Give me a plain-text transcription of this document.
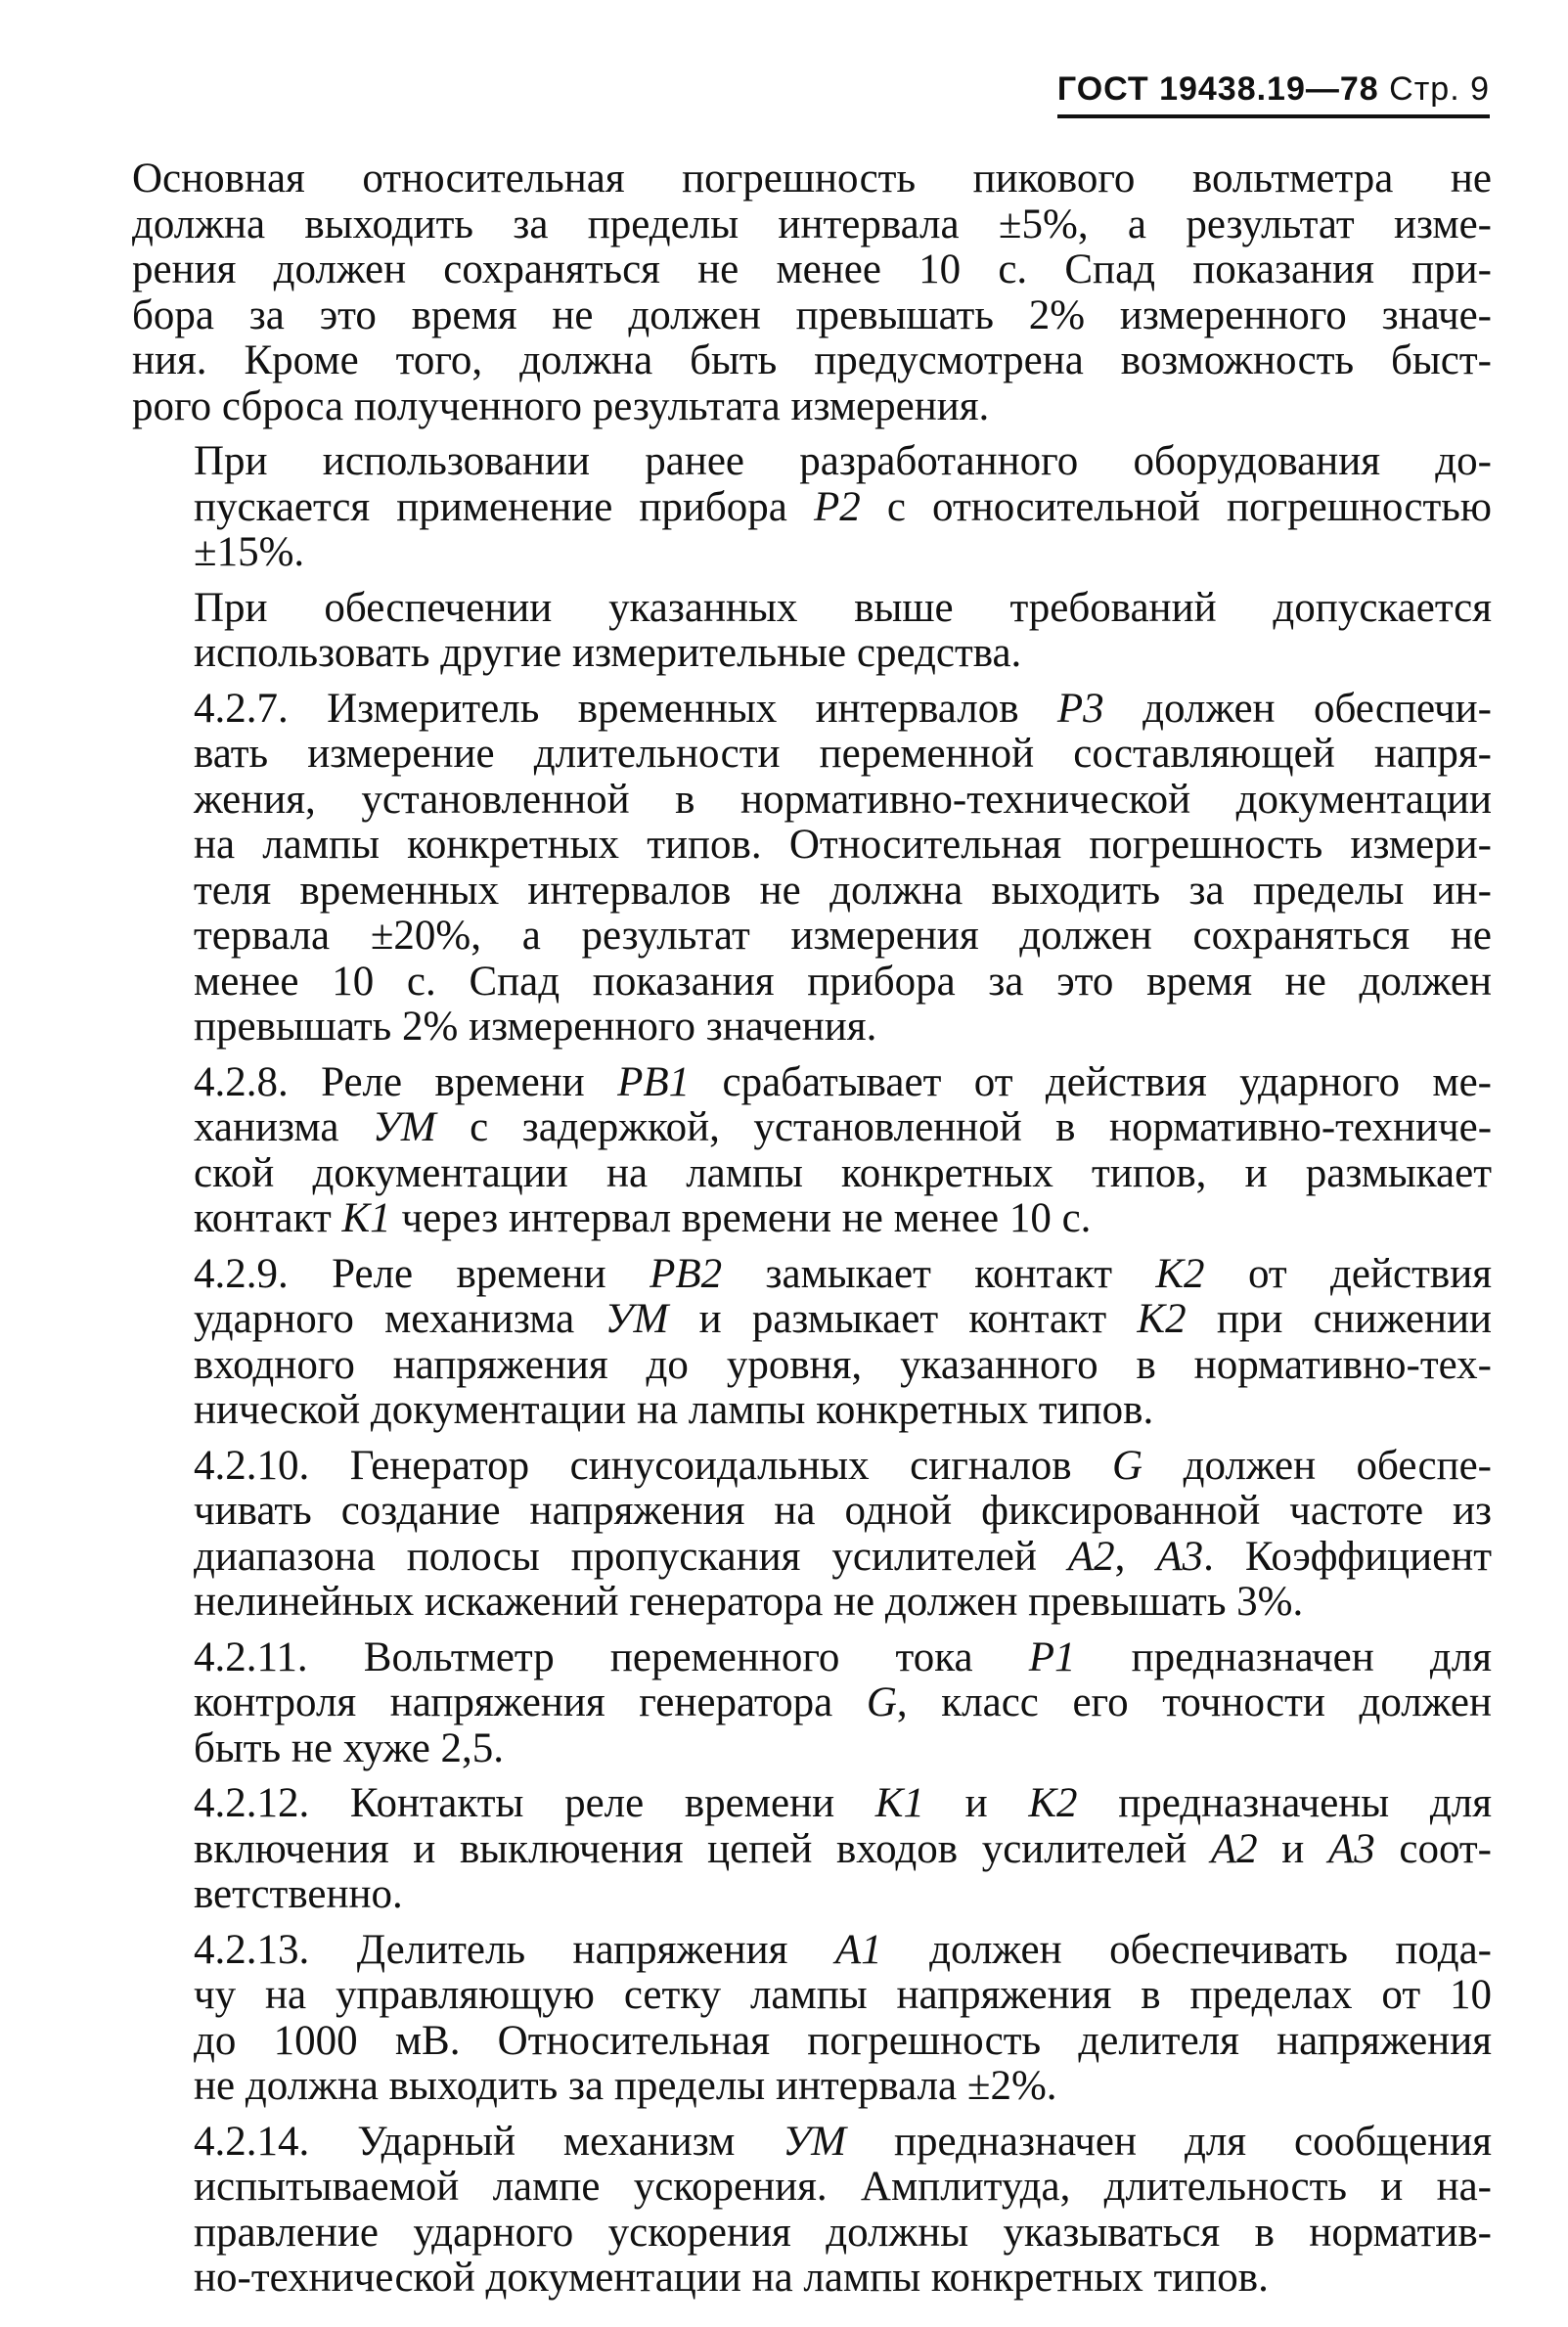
ГОСТ 19438.19—78 Стр. 9

Основная относительная погрешность пикового вольтметра не
должна выходить за пределы интервала ±5%, а результат изме-
рения должен сохраняться не менее 10 с. Спад показания при-
бора за это время не должен превышать 2% измеренного значе-
ния. Кроме того, должна быть предусмотрена возможность быст-
рого сброса полученного результата измерения.

При использовании ранее разработанного оборудования до-
пускается применение прибора P2 с относительной погрешностью
±15%.

При обеспечении указанных выше требований допускается
использовать другие измерительные средства.

4.2.7. Измеритель временных интервалов P3 должен обеспечи-
вать измерение длительности переменной составляющей напря-
жения, установленной в нормативно-технической документации
на лампы конкретных типов. Относительная погрешность измери-
теля временных интервалов не должна выходить за пределы ин-
тервала ±20%, а результат измерения должен сохраняться не
менее 10 с. Спад показания прибора за это время не должен
превышать 2% измеренного значения.

4.2.8. Реле времени PB1 срабатывает от действия ударного ме-
ханизма УМ с задержкой, установленной в нормативно-техниче-
ской документации на лампы конкретных типов, и размыкает
контакт K1 через интервал времени не менее 10 с.

4.2.9. Реле времени PB2 замыкает контакт K2 от действия
ударного механизма УМ и размыкает контакт K2 при снижении
входного напряжения до уровня, указанного в нормативно-тех-
нической документации на лампы конкретных типов.

4.2.10. Генератор синусоидальных сигналов G должен обеспе-
чивать создание напряжения на одной фиксированной частоте из
диапазона полосы пропускания усилителей A2, A3. Коэффициент
нелинейных искажений генератора не должен превышать 3%.

4.2.11. Вольтметр переменного тока P1 предназначен для
контроля напряжения генератора G, класс его точности должен
быть не хуже 2,5.

4.2.12. Контакты реле времени K1 и K2 предназначены для
включения и выключения цепей входов усилителей A2 и A3 соот-
ветственно.

4.2.13. Делитель напряжения A1 должен обеспечивать пода-
чу на управляющую сетку лампы напряжения в пределах от 10
до 1000 мВ. Относительная погрешность делителя напряжения
не должна выходить за пределы интервала ±2%.

4.2.14. Ударный механизм УМ предназначен для сообщения
испытываемой лампе ускорения. Амплитуда, длительность и на-
правление ударного ускорения должны указываться в норматив-
но-технической документации на лампы конкретных типов.
